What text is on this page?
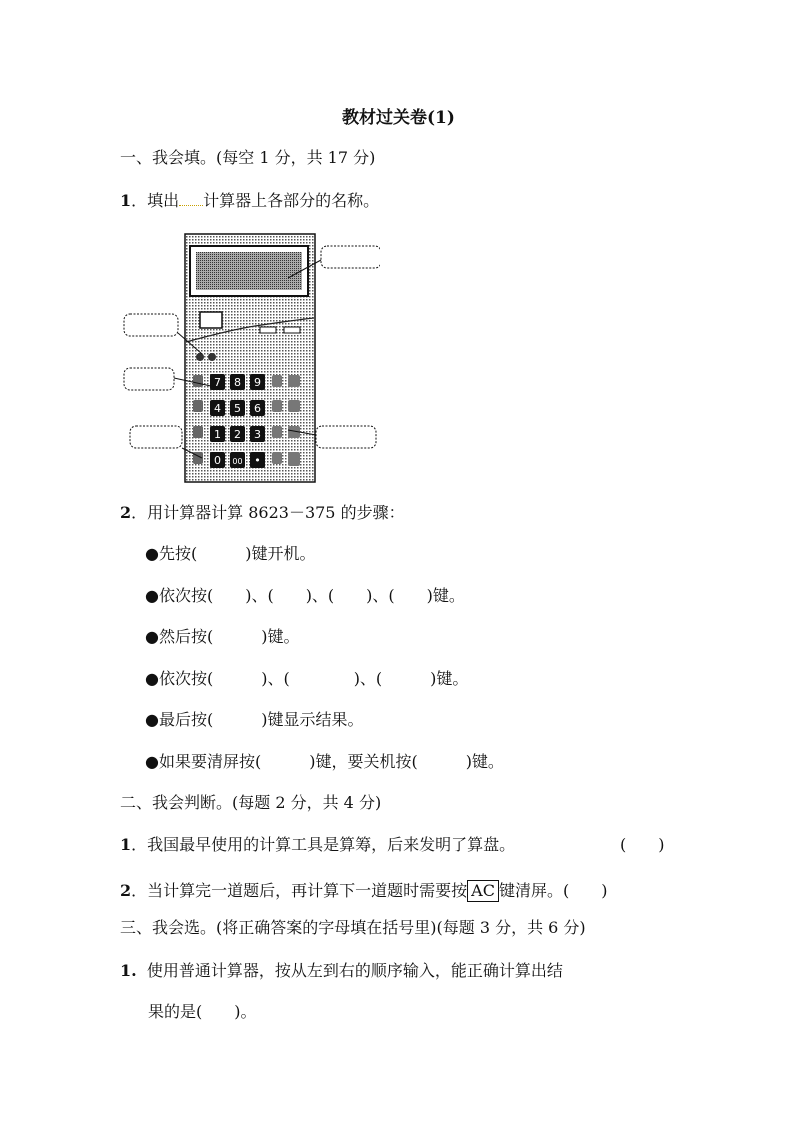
教材过关卷(1)
一、我会填。(每空 1 分，共 17 分)
1．填出 计算器上各部分的名称。
7 8 9
4 5 6
1 2 3
0 00 •
2．用计算器计算 8623－375 的步骤：
●先按(　　　)键开机。
●依次按(　　)、(　　)、(　　)、(　　)键。
●然后按(　　　)键。
●依次按(　　　)、(　　　　)、(　　　)键。
●最后按(　　　)键显示结果。
●如果要清屏按(　　　)键，要关机按(　　　)键。
二、我会判断。(每题 2 分，共 4 分)
1．我国最早使用的计算工具是算筹，后来发明了算盘。	(　　)
2．当计算完一道题后，再计算下一道题时需要按 AC 键清屏。(　　)
三、我会选。(将正确答案的字母填在括号里)(每题 3 分，共 6 分)
1. 使用普通计算器，按从左到右的顺序输入，能正确计算出结
果的是(　　)。
